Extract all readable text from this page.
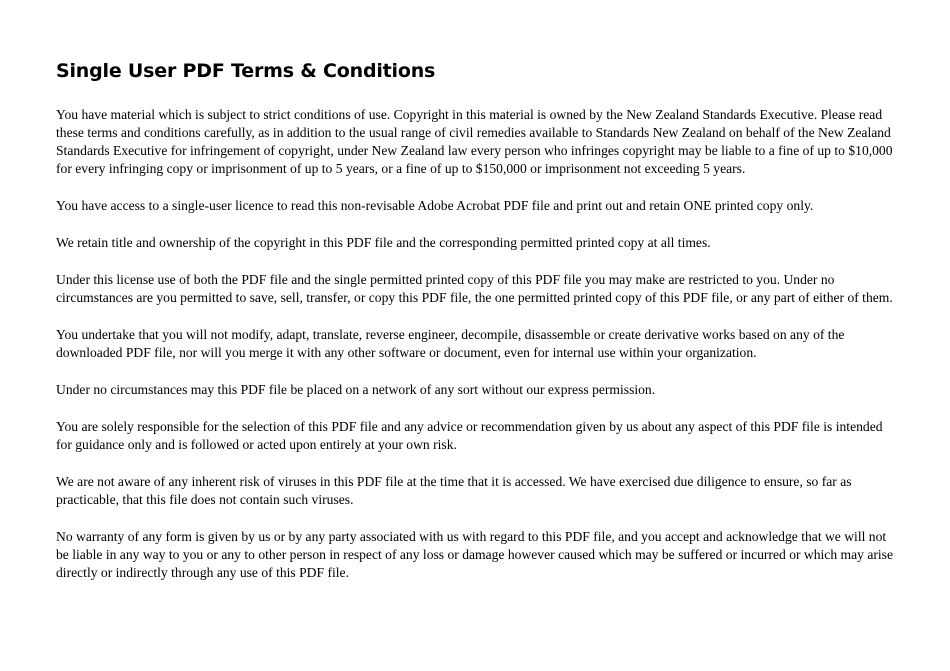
Single User PDF Terms & Conditions

You have material which is subject to strict conditions of use. Copyright in this material is owned by the New Zealand Standards Executive. Please read these terms and conditions carefully, as in addition to the usual range of civil remedies available to Standards New Zealand on behalf of the New Zealand Standards Executive for infringement of copyright, under New Zealand law every person who infringes copyright may be liable to a fine of up to $10,000 for every infringing copy or imprisonment of up to 5 years, or a fine of up to $150,000 or imprisonment not exceeding 5 years.

You have access to a single-user licence to read this non-revisable Adobe Acrobat PDF file and print out and retain ONE printed copy only.

We retain title and ownership of the copyright in this PDF file and the corresponding permitted printed copy at all times.

Under this license use of both the PDF file and the single permitted printed copy of this PDF file you may make are restricted to you. Under no circumstances are you permitted to save, sell, transfer, or copy this PDF file, the one permitted printed copy of this PDF file, or any part of either of them.

You undertake that you will not modify, adapt, translate, reverse engineer, decompile, disassemble or create derivative works based on any of the downloaded PDF file, nor will you merge it with any other software or document, even for internal use within your organization.

Under no circumstances may this PDF file be placed on a network of any sort without our express permission.

You are solely responsible for the selection of this PDF file and any advice or recommendation given by us about any aspect of this PDF file is intended for guidance only and is followed or acted upon entirely at your own risk.

We are not aware of any inherent risk of viruses in this PDF file at the time that it is accessed. We have exercised due diligence to ensure, so far as practicable, that this file does not contain such viruses.

No warranty of any form is given by us or by any party associated with us with regard to this PDF file, and you accept and acknowledge that we will not be liable in any way to you or any to other person in respect of any loss or damage however caused which may be suffered or incurred or which may arise directly or indirectly through any use of this PDF file.
